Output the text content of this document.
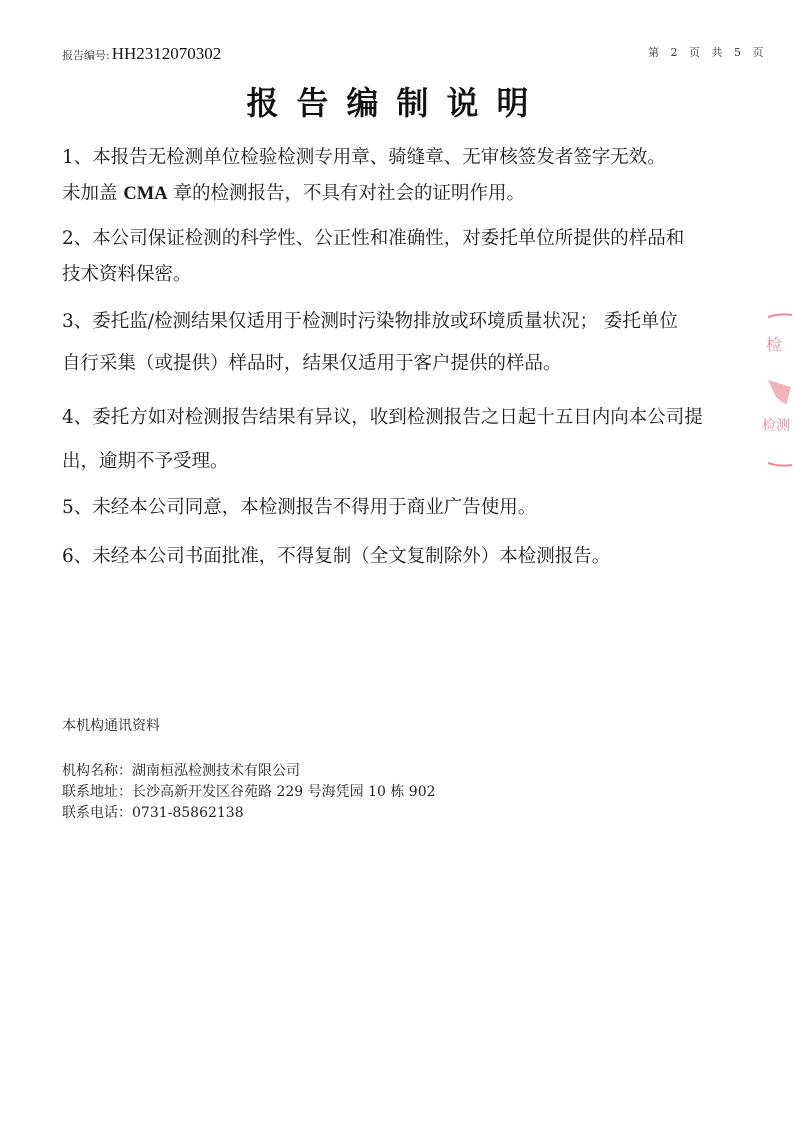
报告编号: HH2312070302	第 2 页 共 5 页
报告编制说明
1、本报告无检测单位检验检测专用章、骑缝章、无审核签发者签字无效。
未加盖 CMA 章的检测报告，不具有对社会的证明作用。
2、本公司保证检测的科学性、公正性和准确性，对委托单位所提供的样品和
技术资料保密。
3、委托监/检测结果仅适用于检测时污染物排放或环境质量状况； 委托单位
自行采集（或提供）样品时，结果仅适用于客户提供的样品。
4、委托方如对检测报告结果有异议，收到检测报告之日起十五日内向本公司提
出，逾期不予受理。
5、未经本公司同意，本检测报告不得用于商业广告使用。
6、未经本公司书面批准，不得复制（全文复制除外）本检测报告。
本机构通讯资料
机构名称：湖南桓泓检测技术有限公司
联系地址：长沙高新开发区谷苑路 229 号海凭园 10 栋 902
联系电话：0731-85862138
检
检测
